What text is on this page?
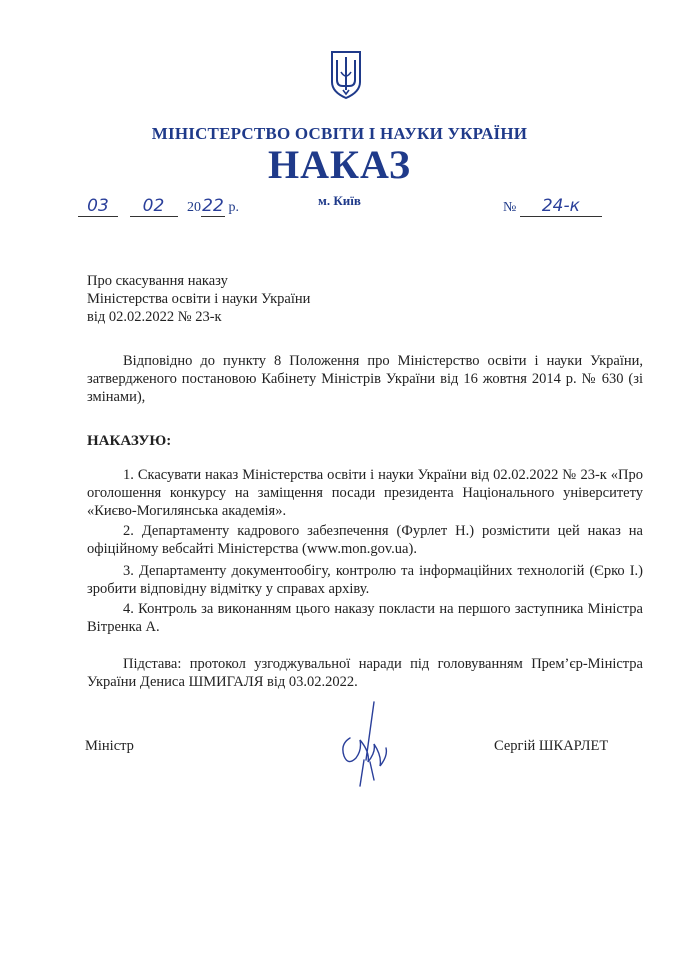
МІНІСТЕРСТВО ОСВІТИ І НАУКИ УКРАЇНИ
НАКАЗ
м. Київ
03 02 2022 р.	№ 24-к
Про скасування наказу
Міністерства освіти і науки України
від 02.02.2022 № 23-к
Відповідно до пункту 8 Положення про Міністерство освіти і науки України, затвердженого постановою Кабінету Міністрів України від 16 жовтня 2014 р. № 630 (зі змінами),
НАКАЗУЮ:
1. Скасувати наказ Міністерства освіти і науки України від 02.02.2022 № 23-к «Про оголошення конкурсу на заміщення посади президента Національного університету «Києво-Могилянська академія».
2. Департаменту кадрового забезпечення (Фурлет Н.) розмістити цей наказ на офіційному вебсайті Міністерства (www.mon.gov.ua).
3. Департаменту документообігу, контролю та інформаційних технологій (Єрко І.) зробити відповідну відмітку у справах архіву.
4. Контроль за виконанням цього наказу покласти на першого заступника Міністра Вітренка А.
Підстава: протокол узгоджувальної наради під головуванням Прем’єр-Міністра України Дениса ШМИГАЛЯ від 03.02.2022.
Міністр	Сергій ШКАРЛЕТ
